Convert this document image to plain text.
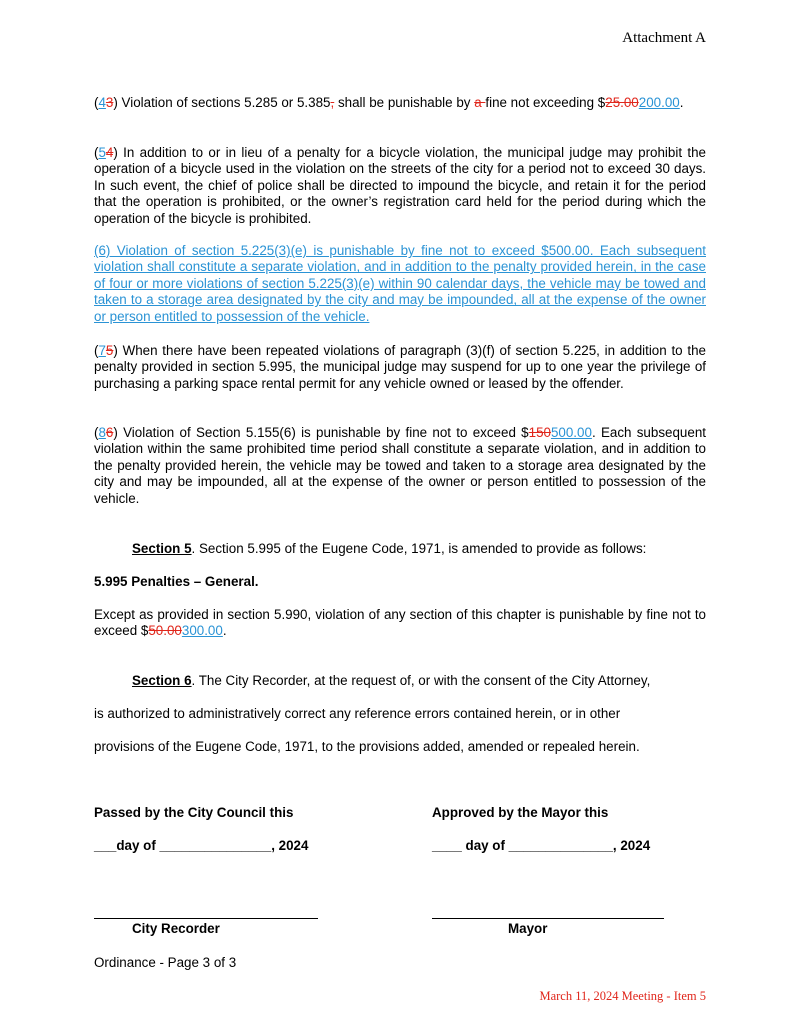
Attachment A
(43) Violation of sections 5.285 or 5.385, shall be punishable by a fine not exceeding $25.00200.00.
(54) In addition to or in lieu of a penalty for a bicycle violation, the municipal judge may prohibit the operation of a bicycle used in the violation on the streets of the city for a period not to exceed 30 days. In such event, the chief of police shall be directed to impound the bicycle, and retain it for the period that the operation is prohibited, or the owner’s registration card held for the period during which the operation of the bicycle is prohibited.
(6) Violation of section 5.225(3)(e) is punishable by fine not to exceed $500.00. Each subsequent violation shall constitute a separate violation, and in addition to the penalty provided herein, in the case of four or more violations of section 5.225(3)(e) within 90 calendar days, the vehicle may be towed and taken to a storage area designated by the city and may be impounded, all at the expense of the owner or person entitled to possession of the vehicle.
(75) When there have been repeated violations of paragraph (3)(f) of section 5.225, in addition to the penalty provided in section 5.995, the municipal judge may suspend for up to one year the privilege of purchasing a parking space rental permit for any vehicle owned or leased by the offender.
(86) Violation of Section 5.155(6) is punishable by fine not to exceed $150500.00. Each subsequent violation within the same prohibited time period shall constitute a separate violation, and in addition to the penalty provided herein, the vehicle may be towed and taken to a storage area designated by the city and may be impounded, all at the expense of the owner or person entitled to possession of the vehicle.
Section 5. Section 5.995 of the Eugene Code, 1971, is amended to provide as follows:
5.995 Penalties – General.
Except as provided in section 5.990, violation of any section of this chapter is punishable by fine not to exceed $50.00300.00.
Section 6. The City Recorder, at the request of, or with the consent of the City Attorney,
is authorized to administratively correct any reference errors contained herein, or in other
provisions of the Eugene Code, 1971, to the provisions added, amended or repealed herein.
Passed by the City Council this	Approved by the Mayor this
___day of _______________, 2024	____ day of ______________, 2024
City Recorder	Mayor
Ordinance - Page 3 of 3
March 11, 2024 Meeting - Item 5
